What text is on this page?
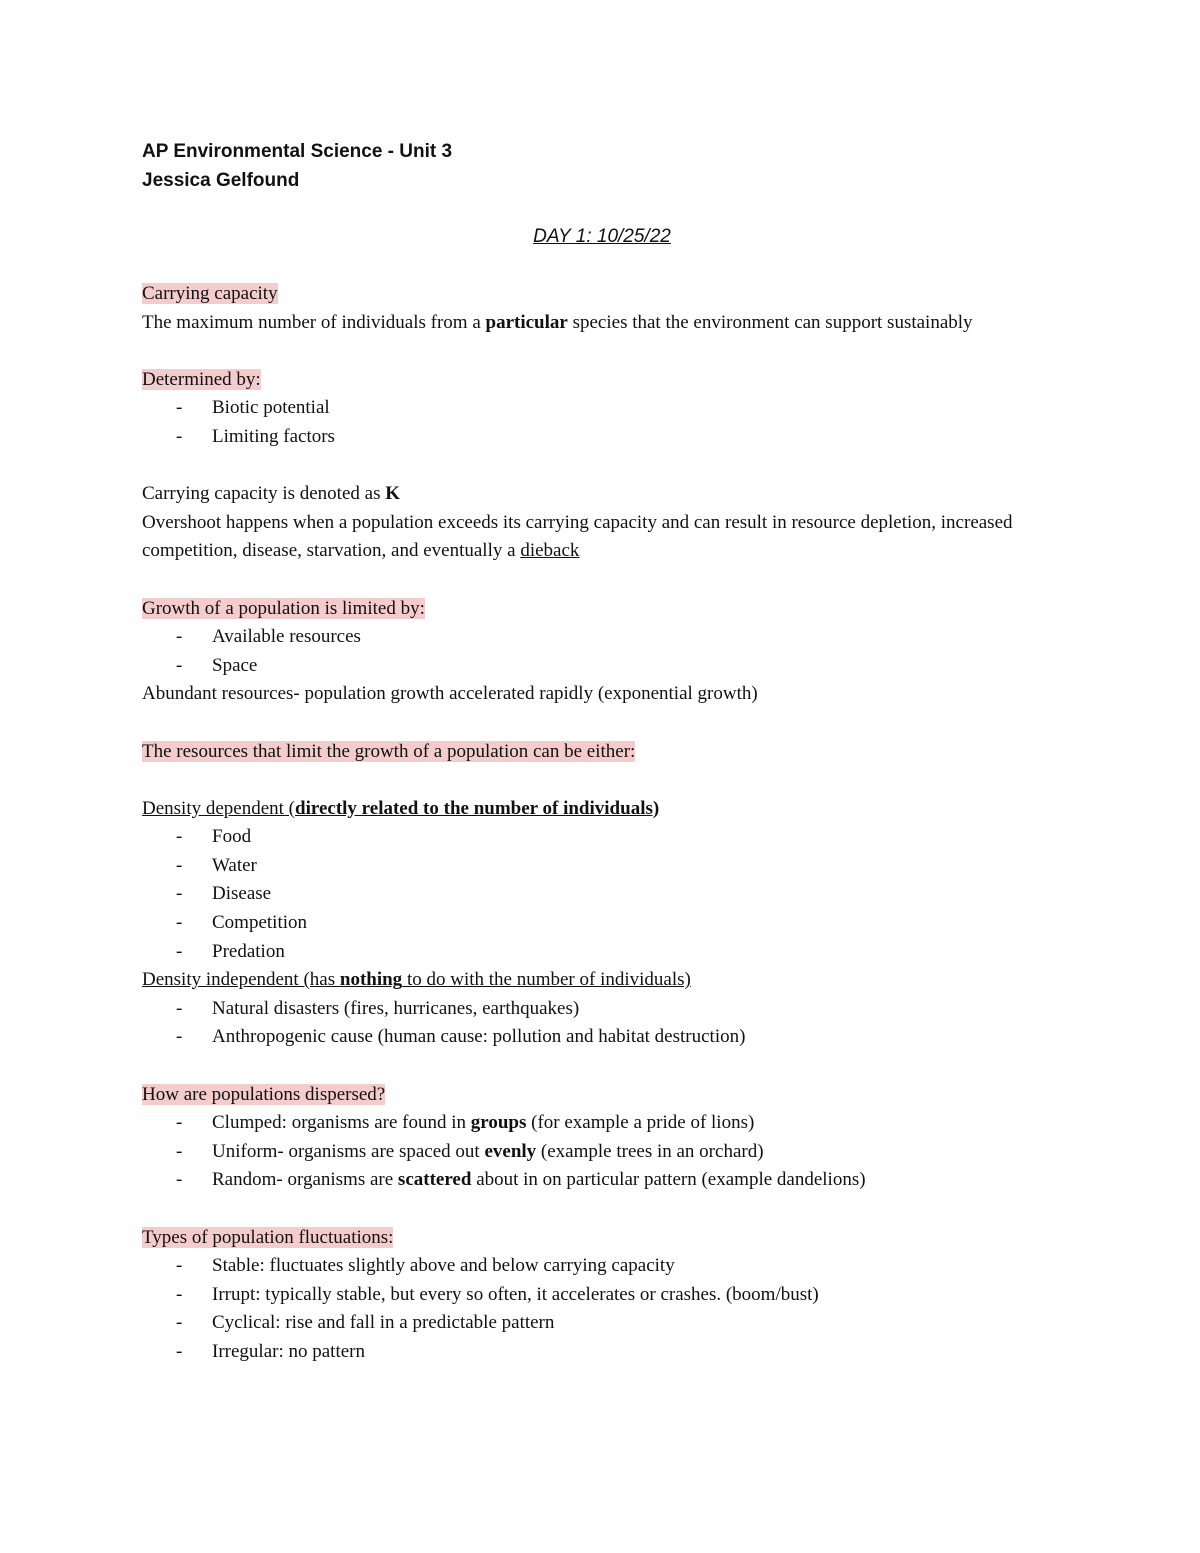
AP Environmental Science - Unit 3

Jessica Gelfound

DAY 1: 10/25/22

Carrying capacity

The maximum number of individuals from a particular species that the environment can support sustainably

Determined by:

- Biotic potential
- Limiting factors

Carrying capacity is denoted as K

Overshoot happens when a population exceeds its carrying capacity and can result in resource depletion, increased competition, disease, starvation, and eventually a dieback

Growth of a population is limited by:

- Available resources
- Space

Abundant resources- population growth accelerated rapidly (exponential growth)

The resources that limit the growth of a population can be either:

Density dependent (directly related to the number of individuals)

- Food
- Water
- Disease
- Competition
- Predation

Density independent (has nothing to do with the number of individuals)

- Natural disasters (fires, hurricanes, earthquakes)
- Anthropogenic cause (human cause: pollution and habitat destruction)

How are populations dispersed?

- Clumped: organisms are found in groups (for example a pride of lions)
- Uniform- organisms are spaced out evenly (example trees in an orchard)
- Random- organisms are scattered about in on particular pattern (example dandelions)

Types of population fluctuations:

- Stable: fluctuates slightly above and below carrying capacity
- Irrupt: typically stable, but every so often, it accelerates or crashes. (boom/bust)
- Cyclical: rise and fall in a predictable pattern
- Irregular: no pattern
